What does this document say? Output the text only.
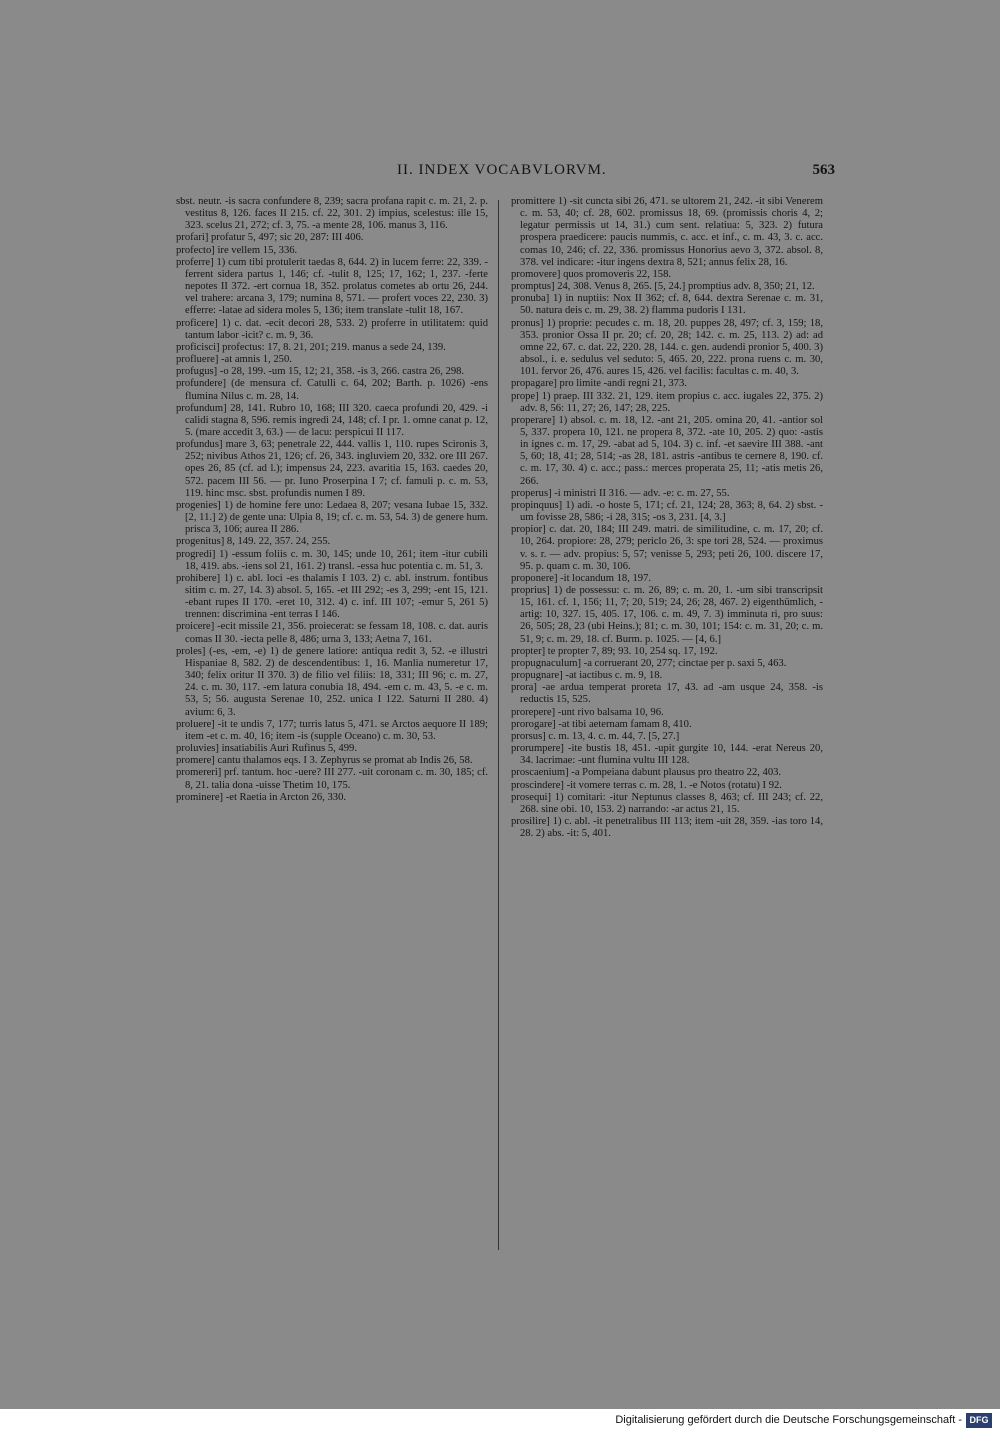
II. INDEX VOCABVLORVM.	563

sbst. neutr. -is sacra confundere 8, 239; sacra profana rapit c. m. 21, 2. p. vestitus 8, 126. faces II 215. cf. 22, 301. 2) impius, scelestus: ille 15, 323. scelus 21, 272; cf. 3, 75. -a mente 28, 106. manus 3, 116.

profari] profatur 5, 497; sic 20, 287: III 406.

profecto] ire vellem 15, 336.

proferre] 1) cum tibi protulerit taedas 8, 644. 2) in lucem ferre: 22, 339. -ferrent sidera partus 1, 146; cf. -tulit 8, 125; 17, 162; 1, 237. -ferte nepotes II 372. -ert cornua 18, 352. prolatus cometes ab ortu 26, 244. vel trahere: arcana 3, 179; numina 8, 571. — profert voces 22, 230. 3) efferre: -latae ad sidera moles 5, 136; item translate -tulit 18, 167.

proficere] 1) c. dat. -ecit decori 28, 533. 2) proferre in utilitatem: quid tantum labor -icit? c. m. 9, 36.

proficisci] profectus: 17, 8. 21, 201; 219. manus a sede 24, 139.

profluere] -at amnis 1, 250.

profugus] -o 28, 199. -um 15, 12; 21, 358. -is 3, 266. castra 26, 298.

profundere] (de mensura cf. Catulli c. 64, 202; Barth. p. 1026) -ens flumina Nilus c. m. 28, 14.

profundum] 28, 141. Rubro 10, 168; III 320. caeca profundi 20, 429. -i calidi stagna 8, 596. remis ingredi 24, 148; cf. I pr. 1. omne canat p. 12, 5. (mare accedit 3, 63.) — de lacu: perspicui II 117.

profundus] mare 3, 63; penetrale 22, 444. vallis 1, 110. rupes Scironis 3, 252; nivibus Athos 21, 126; cf. 26, 343. ingluviem 20, 332. ore III 267. opes 26, 85 (cf. ad l.); impensus 24, 223. avaritia 15, 163. caedes 20, 572. pacem III 56. — pr. Iuno Proserpina I 7; cf. famuli p. c. m. 53, 119. hinc msc. sbst. profundis numen I 89.

progenies] 1) de homine fere uno: Ledaea 8, 207; vesana Iubae 15, 332. [2, 11.] 2) de gente una: Ulpia 8, 19; cf. c. m. 53, 54. 3) de genere hum. prisca 3, 106; aurea II 286.

progenitus] 8, 149. 22, 357. 24, 255.

progredi] 1) -essum foliis c. m. 30, 145; unde 10, 261; item -itur cubili 18, 419. abs. -iens sol 21, 161. 2) transl. -essa huc potentia c. m. 51, 3.

prohibere] 1) c. abl. loci -es thalamis I 103. 2) c. abl. instrum. fontibus sitim c. m. 27, 14. 3) absol. 5, 165. -et III 292; -es 3, 299; -ent 15, 121. -ebant rupes II 170. -eret 10, 312. 4) c. inf. III 107; -emur 5, 261 5) trennen: discrimina -ent terras I 146.

proicere] -ecit missile 21, 356. proiecerat: se fessam 18, 108. c. dat. auris comas II 30. -iecta pelle 8, 486; urna 3, 133; Aetna 7, 161.

proles] (-es, -em, -e) 1) de genere latiore: antiqua redit 3, 52. -e illustri Hispaniae 8, 582. 2) de descendentibus: 1, 16. Manlia numeretur 17, 340; felix oritur II 370. 3) de filio vel filiis: 18, 331; III 96; c. m. 27, 24. c. m. 30, 117. -em latura conubia 18, 494. -em c. m. 43, 5. -e c. m. 53, 5; 56. augusta Serenae 10, 252. unica I 122. Saturni II 280. 4) avium: 6, 3.

proluere] -it te undis 7, 177; turris latus 5, 471. se Arctos aequore II 189; item -et c. m. 40, 16; item -is (supple Oceano) c. m. 30, 53.

proluvies] insatiabilis Auri Rufinus 5, 499.

promere] cantu thalamos eqs. I 3. Zephyrus se promat ab Indis 26, 58.

promereri] prf. tantum. hoc -uere? III 277. -uit coronam c. m. 30, 185; cf. 8, 21. talia dona -uisse Thetim 10, 175.

prominere] -et Raetia in Arcton 26, 330.

promittere 1) -sit cuncta sibi 26, 471. se ultorem 21, 242. -it sibi Venerem c. m. 53, 40; cf. 28, 602. promissus 18, 69. (promissis choris 4, 2; legatur permissis ut 14, 31.) cum sent. relatiua: 5, 323. 2) futura prospera praedicere: paucis nummis, c. acc. et inf., c. m. 43, 3. c. acc. comas 10, 246; cf. 22, 336. promissus Honorius aevo 3, 372. absol. 8, 378. vel indicare: -itur ingens dextra 8, 521; annus felix 28, 16.

promovere] quos promoveris 22, 158.

promptus] 24, 308. Venus 8, 265. [5, 24.] promptius adv. 8, 350; 21, 12.

pronuba] 1) in nuptiis: Nox II 362; cf. 8, 644. dextra Serenae c. m. 31, 50. natura deis c. m. 29, 38. 2) flamma pudoris I 131.

pronus] 1) proprie: pecudes c. m. 18, 20. puppes 28, 497; cf. 3, 159; 18, 353. pronior Ossa II pr. 20; cf. 20, 28; 142. c. m. 25, 113. 2) ad: ad omne 22, 67. c. dat. 22, 220. 28, 144. c. gen. audendi pronior 5, 400. 3) absol., i. e. sedulus vel seduto: 5, 465. 20, 222. prona ruens c. m. 30, 101. fervor 26, 476. aures 15, 426. vel facilis: facultas c. m. 40, 3.

propagare] pro limite -andi regni 21, 373.

prope] 1) praep. III 332. 21, 129. item propius c. acc. iugales 22, 375. 2) adv. 8, 56: 11, 27; 26, 147; 28, 225.

properare] 1) absol. c. m. 18, 12. -ant 21, 205. omina 20, 41. -antior sol 5, 337. propera 10, 121. ne propera 8, 372. -ate 10, 205. 2) quo: -astis in ignes c. m. 17, 29. -abat ad 5, 104. 3) c. inf. -et saevire III 388. -ant 5, 60; 18, 41; 28, 514; -as 28, 181. astris -antibus te cernere 8, 190. cf. c. m. 17, 30. 4) c. acc.; pass.: merces properata 25, 11; -atis metis 26, 266.

properus] -i ministri II 316. — adv. -e: c. m. 27, 55.

propinquus] 1) adi. -o hoste 5, 171; cf. 21, 124; 28, 363; 8, 64. 2) sbst. -um fovisse 28, 586; -i 28, 315; -os 3, 231. [4, 3.]

propior] c. dat. 20, 184; III 249. matri. de similitudine, c. m. 17, 20; cf. 10, 264. propiore: 28, 279; periclo 26, 3: spe tori 28, 524. — proximus v. s. r. — adv. propius: 5, 57; venisse 5, 293; peti 26, 100. discere 17, 95. p. quam c. m. 30, 106.

proponere] -it locandum 18, 197.

proprius] 1) de possessu: c. m. 26, 89; c. m. 20, 1. -um sibi transcripsit 15, 161. cf. 1, 156; 11, 7; 20, 519; 24, 26; 28, 467. 2) eigenthümlich, -artig: 10, 327. 15, 405. 17, 106. c. m. 49, 7. 3) imminuta ri, pro suus: 26, 505; 28, 23 (ubi Heins.); 81; c. m. 30, 101; 154: c. m. 31, 20; c. m. 51, 9; c. m. 29, 18. cf. Burm. p. 1025. — [4, 6.]

propter] te propter 7, 89; 93. 10, 254 sq. 17, 192.

propugnaculum] -a corruerant 20, 277; cinctae per p. saxi 5, 463.

propugnare] -at iactibus c. m. 9, 18.

prora] -ae ardua temperat proreta 17, 43. ad -am usque 24, 358. -is reductis 15, 525.

prorepere] -unt rivo balsama 10, 96.

prorogare] -at tibi aeternam famam 8, 410.

prorsus] c. m. 13, 4. c. m. 44, 7. [5, 27.]

prorumpere] -ite bustis 18, 451. -upit gurgite 10, 144. -erat Nereus 20, 34. lacrimae: -unt flumina vultu III 128.

proscaenium] -a Pompeiana dabunt plausus pro theatro 22, 403.

proscindere] -it vomere terras c. m. 28, 1. -e Notos (rotatu) I 92.

prosequi] 1) comitari: -itur Neptunus classes 8, 463; cf. III 243; cf. 22, 268. sine obi. 10, 153. 2) narrando: -ar actus 21, 15.

prosilire] 1) c. abl. -it penetralibus III 113; item -uit 28, 359. -ias toro 14, 28. 2) abs. -it: 5, 401.

Digitalisierung gefördert durch die Deutsche Forschungsgemeinschaft - DFG
